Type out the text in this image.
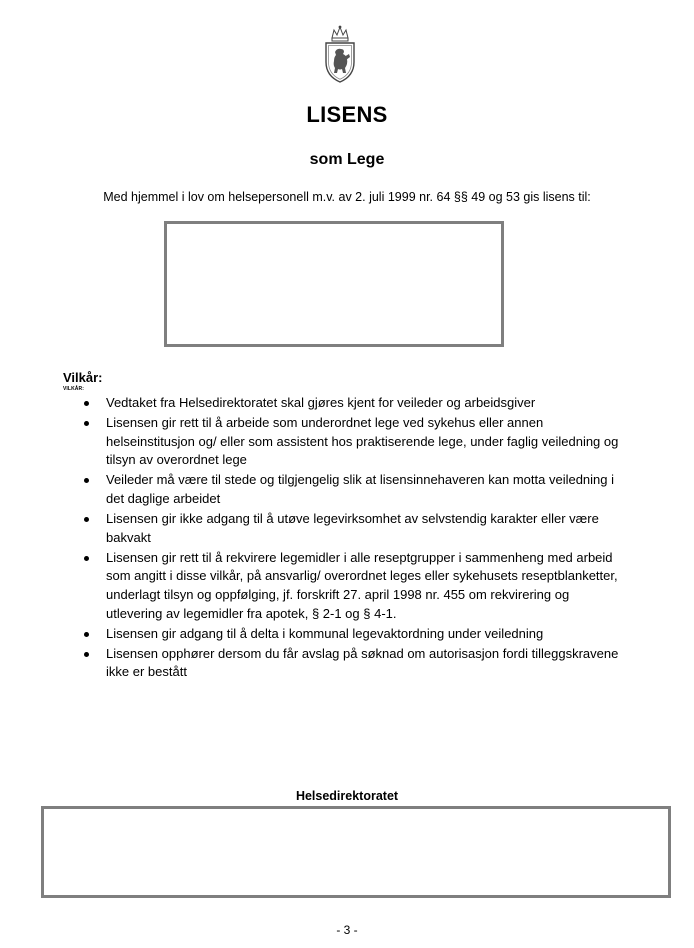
LISENS
som Lege
Med hjemmel i lov om helsepersonell m.v. av 2. juli 1999 nr. 64 §§ 49 og 53 gis lisens til:
Vilkår:
VILKÅR:
Vedtaket fra Helsedirektoratet skal gjøres kjent for veileder og arbeidsgiver
Lisensen gir rett til å arbeide som underordnet lege ved sykehus eller annen helseinstitusjon og/ eller som assistent hos praktiserende lege, under faglig veiledning og tilsyn av overordnet lege
Veileder må være til stede og tilgjengelig slik at lisensinnehaveren kan motta veiledning i det daglige arbeidet
Lisensen gir ikke adgang til å utøve legevirksomhet av selvstendig karakter eller være bakvakt
Lisensen gir rett til å rekvirere legemidler i alle reseptgrupper i sammenheng med arbeid som angitt i disse vilkår, på ansvarlig/ overordnet leges eller sykehusets reseptblanketter, underlagt tilsyn og oppfølging, jf. forskrift 27. april 1998 nr. 455 om rekvirering og utlevering av legemidler fra apotek, § 2-1 og § 4-1.
Lisensen gir adgang til å delta i kommunal legevaktordning under veiledning
Lisensen opphører dersom du får avslag på søknad om autorisasjon fordi tilleggskravene ikke er bestått
Helsedirektoratet
- 3 -
